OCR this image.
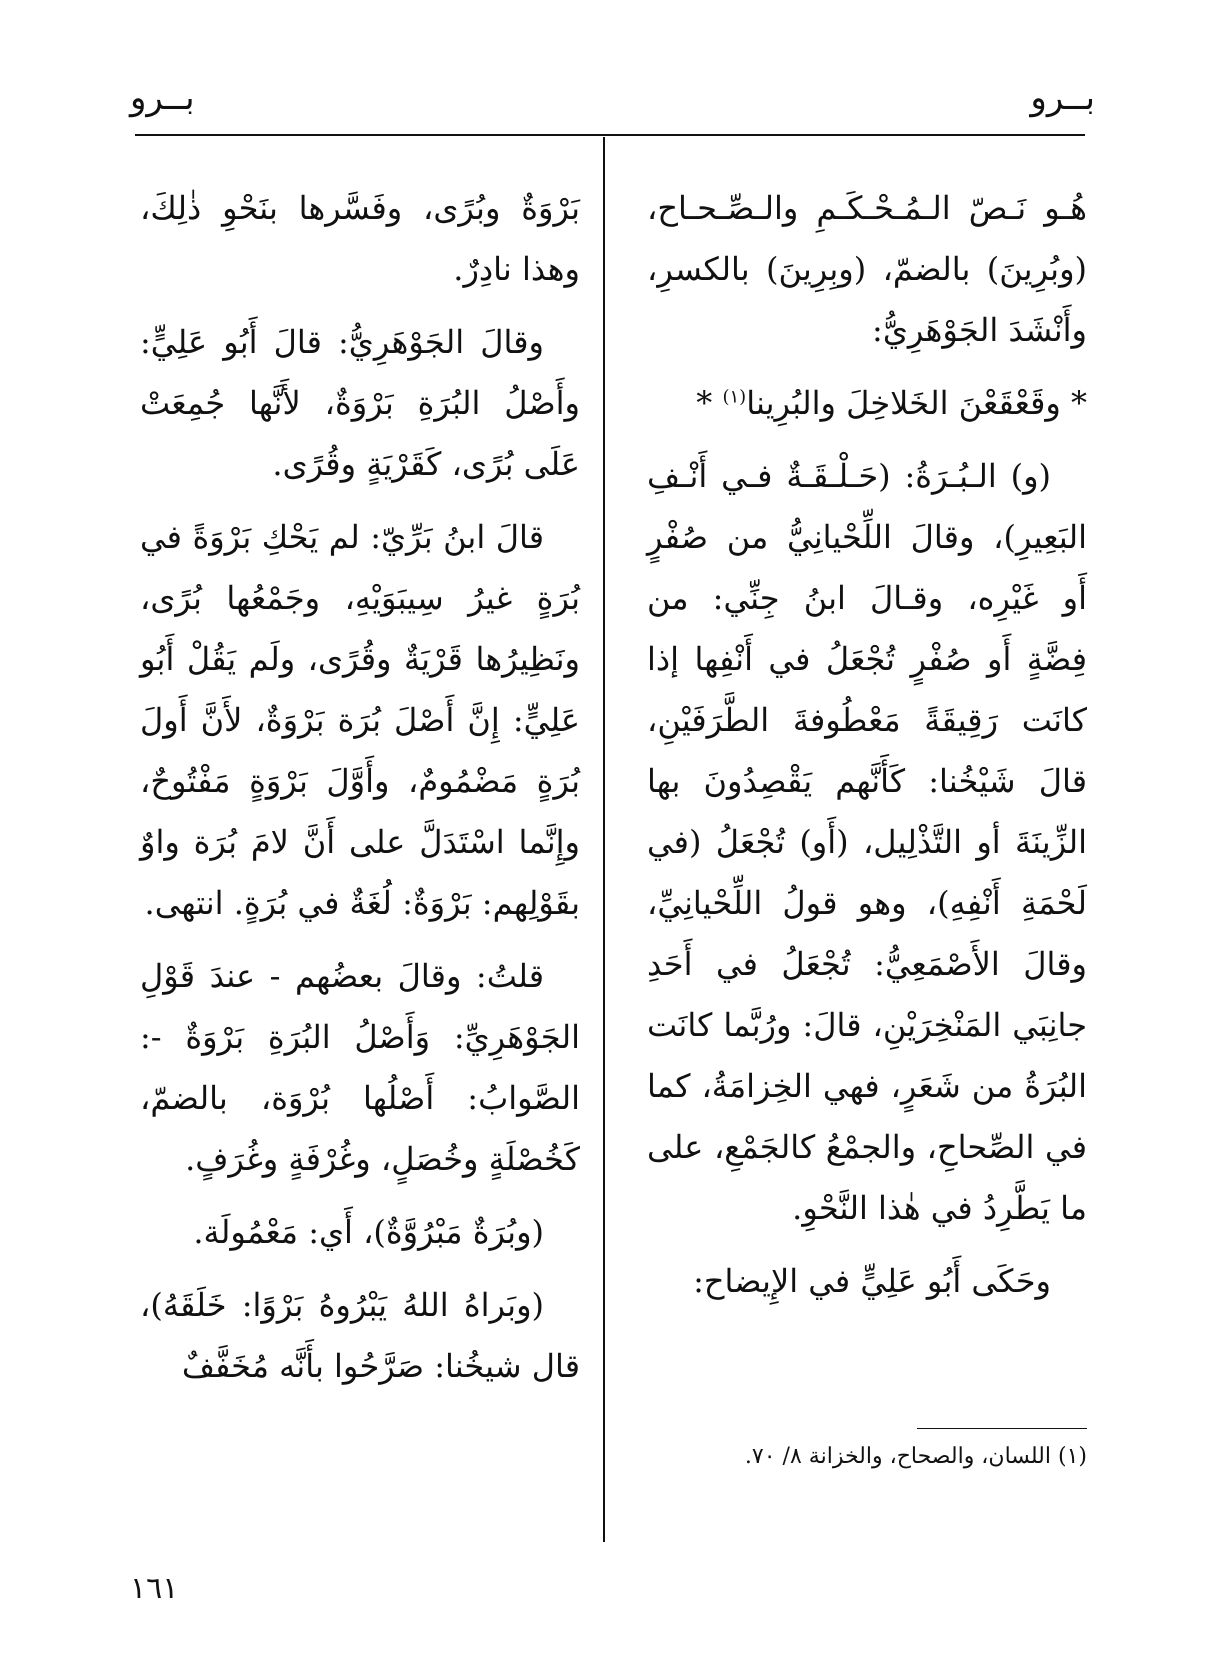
بــرو
بــرو

هُـو نَـصّ الـمُـحْـكَـمِ والـصِّـحـاح، (وبُرِينَ) بالضمّ، (وبِرِينَ) بالكسرِ، وأَنْشَدَ الجَوْهَرِيُّ:

* وقَعْقَعْنَ الخَلاخِلَ والبُرِينا$^{(١)}$ *

(و) الـبُـرَةُ: (حَـلْـقَـةٌ فـي أَنْـفِ البَعِيرِ)، وقالَ اللِّحْيانِيُّ من صُفْرٍ أَو غَيْرِه، وقـالَ ابنُ جِنِّي: من فِضَّةٍ أَو صُفْرٍ تُجْعَلُ في أَنْفِها إذا كانَت رَقِيقَةً مَعْطُوفةَ الطَّرَفَيْنِ، قالَ شَيْخُنا: كَأَنَّهم يَقْصِدُونَ بها الزِّينَةَ أو التَّذْلِيل، (أَو) تُجْعَلُ (في لَحْمَةِ أَنْفِهِ)، وهو قولُ اللِّحْيانِيِّ، وقالَ الأَصْمَعِيُّ: تُجْعَلُ في أَحَدِ جانِبَي المَنْخِرَيْنِ، قالَ: ورُبَّما كانَت البُرَةُ من شَعَرٍ، فهي الخِزامَةُ، كما في الصِّحاحِ، والجمْعُ كالجَمْعِ، على ما يَطَّرِدُ في هٰذا النَّحْوِ.

وحَكَى أَبُو عَلِيٍّ في الإِيضاح:

بَرْوَةٌ وبُرًى، وفَسَّرها بنَحْوِ ذٰلِكَ، وهذا نادِرٌ.

وقالَ الجَوْهَرِيُّ: قالَ أَبُو عَلِيٍّ: وأَصْلُ البُرَةِ بَرْوَةٌ، لأَنَّها جُمِعَتْ عَلَى بُرًى، كَقَرْيَةٍ وقُرًى.

قالَ ابنُ بَرِّيّ: لم يَحْكِ بَرْوَةً في بُرَةٍ غيرُ سِيبَوَيْهِ، وجَمْعُها بُرًى، ونَظِيرُها قَرْيَةٌ وقُرًى، ولَم يَقُلْ أَبُو عَلِيٍّ: إِنَّ أَصْلَ بُرَة بَرْوَةٌ، لأَنَّ أَولَ بُرَةٍ مَضْمُومٌ، وأَوَّلَ بَرْوَةٍ مَفْتُوحٌ، وإِنَّما اسْتَدَلَّ على أَنَّ لامَ بُرَة واوٌ بقَوْلِهم: بَرْوَةٌ: لُغَةٌ في بُرَةٍ. انتهى.

قلتُ: وقالَ بعضُهم - عندَ قَوْلِ الجَوْهَرِيِّ: وَأَصْلُ البُرَةِ بَرْوَةٌ -: الصَّوابُ: أَصْلُها بُرْوَة، بالضمّ، كَخُصْلَةٍ وخُصَلٍ، وغُرْفَةٍ وغُرَفٍ.

(وبُرَةٌ مَبْرُوَّةٌ)، أَي: مَعْمُولَة.

(وبَراهُ اللهُ يَبْرُوهُ بَرْوًا: خَلَقَهُ)، قال شيخُنا: صَرَّحُوا بأَنَّه مُخَفَّفٌ

(١) اللسان، والصحاح، والخزانة ٨/ ٧٠.
١٦١
